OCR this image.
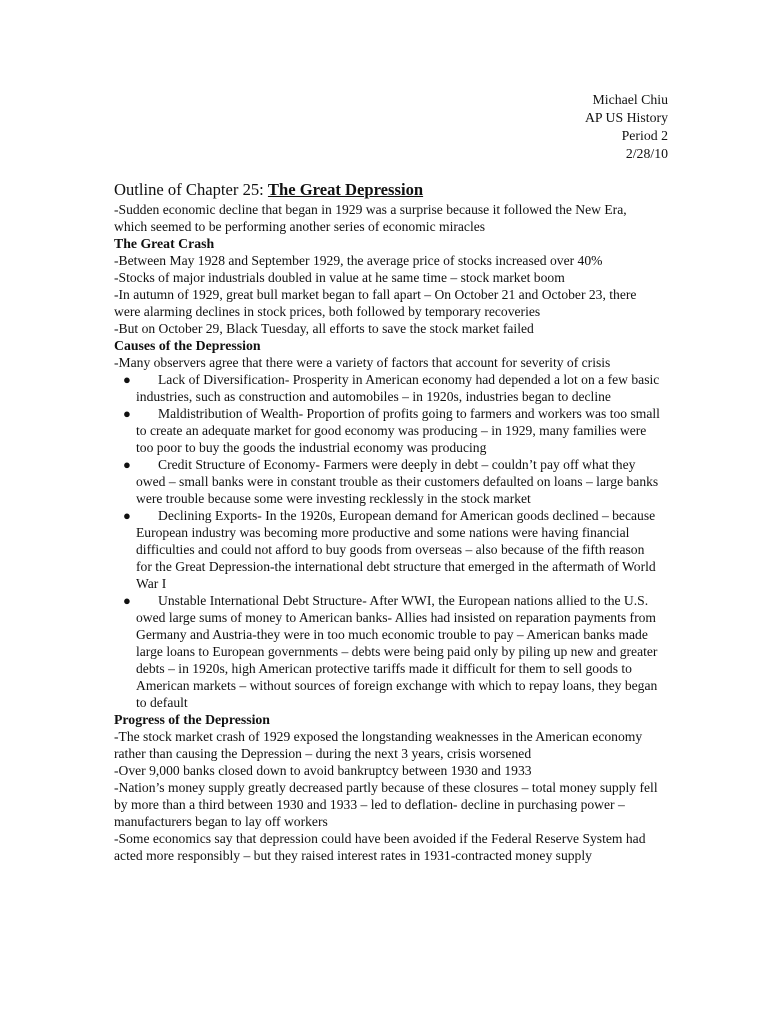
Michael Chiu
AP US History
Period 2
2/28/10

Outline of Chapter 25: The Great Depression

-Sudden economic decline that began in 1929 was a surprise because it followed the New Era, which seemed to be performing another series of economic miracles

The Great Crash

-Between May 1928 and September 1929, the average price of stocks increased over 40%

-Stocks of major industrials doubled in value at he same time – stock market boom

-In autumn of 1929, great bull market began to fall apart – On October 21 and October 23, there were alarming declines in stock prices, both followed by temporary recoveries

-But on October 29, Black Tuesday, all efforts to save the stock market failed

Causes of the Depression

-Many observers agree that there were a variety of factors that account for severity of crisis

●	Lack of Diversification- Prosperity in American economy had depended a lot on a few basic industries, such as construction and automobiles – in 1920s, industries began to decline
●	Maldistribution of Wealth- Proportion of profits going to farmers and workers was too small to create an adequate market for good economy was producing – in 1929, many families were too poor to buy the goods the industrial economy was producing
●	Credit Structure of Economy- Farmers were deeply in debt – couldn’t pay off what they owed – small banks were in constant trouble as their customers defaulted on loans – large banks were trouble because some were investing recklessly in the stock market
●	Declining Exports- In the 1920s, European demand for American goods declined – because European industry was becoming more productive and some nations were having financial difficulties and could not afford to buy goods from overseas – also because of the fifth reason for the Great Depression-the international debt structure that emerged in the aftermath of World War I
●	Unstable International Debt Structure- After WWI, the European nations allied to the U.S. owed large sums of money to American banks- Allies had insisted on reparation payments from Germany and Austria-they were in too much economic trouble to pay – American banks made large loans to European governments – debts were being paid only by piling up new and greater debts – in 1920s, high American protective tariffs made it difficult for them to sell goods to American markets – without sources of foreign exchange with which to repay loans, they began to default
Progress of the Depression

-The stock market crash of 1929 exposed the longstanding weaknesses in the American economy rather than causing the Depression – during the next 3 years, crisis worsened

-Over 9,000 banks closed down to avoid bankruptcy between 1930 and 1933

-Nation’s money supply greatly decreased partly because of these closures – total money supply fell by more than a third between 1930 and 1933 – led to deflation- decline in purchasing power – manufacturers began to lay off workers

-Some economics say that depression could have been avoided if the Federal Reserve System had acted more responsibly – but they raised interest rates in 1931-contracted money supply
